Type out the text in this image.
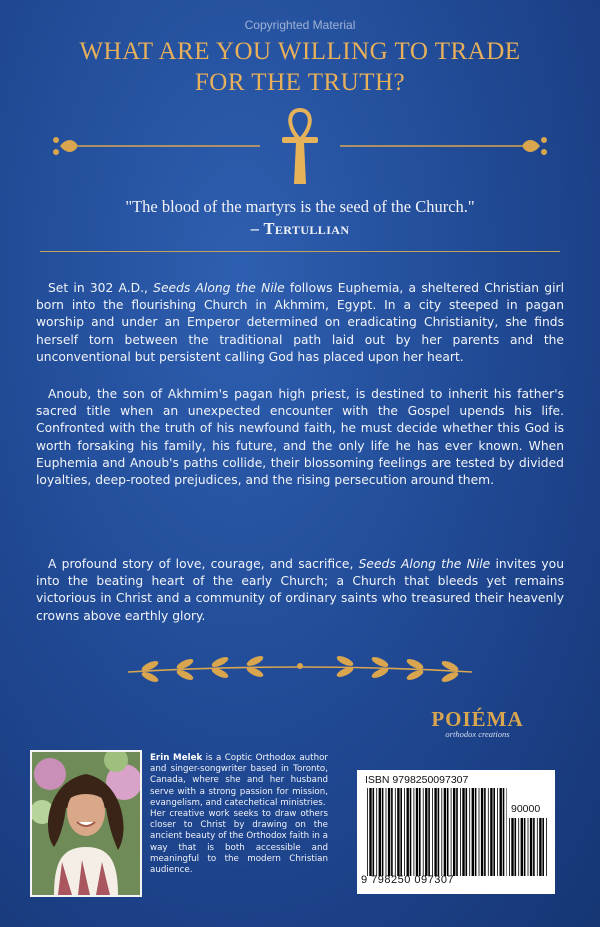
Copyrighted Material
WHAT ARE YOU WILLING TO TRADE
FOR THE TRUTH?
"The blood of the martyrs is the seed of the Church."
– Tertullian

Set in 302 A.D., Seeds Along the Nile follows Euphemia, a sheltered Christian girl born into the flourishing Church in Akhmim, Egypt. In a city steeped in pagan worship and under an Emperor determined on eradicating Christianity, she finds herself torn between the traditional path laid out by her parents and the unconventional but persistent calling God has placed upon her heart.

Anoub, the son of Akhmim's pagan high priest, is destined to inherit his father's sacred title when an unexpected encounter with the Gospel upends his life. Confronted with the truth of his newfound faith, he must decide whether this God is worth forsaking his family, his future, and the only life he has ever known. When Euphemia and Anoub's paths collide, their blossoming feelings are tested by divided loyalties, deep-rooted prejudices, and the rising persecution around them.

A profound story of love, courage, and sacrifice, Seeds Along the Nile invites you into the beating heart of the early Church; a Church that bleeds yet remains victorious in Christ and a community of ordinary saints who treasured their heavenly crowns above earthly glory.

POIÉMA
orthodox creations

Erin Melek is a Coptic Orthodox author and singer-songwriter based in Toronto, Canada, where she and her husband serve with a strong passion for mission, evangelism, and catechetical ministries.
Her creative work seeks to draw others closer to Christ by drawing on the ancient beauty of the Orthodox faith in a way that is both accessible and meaningful to the modern Christian audience.

ISBN 9798250097307
90000
9 798250 097307
